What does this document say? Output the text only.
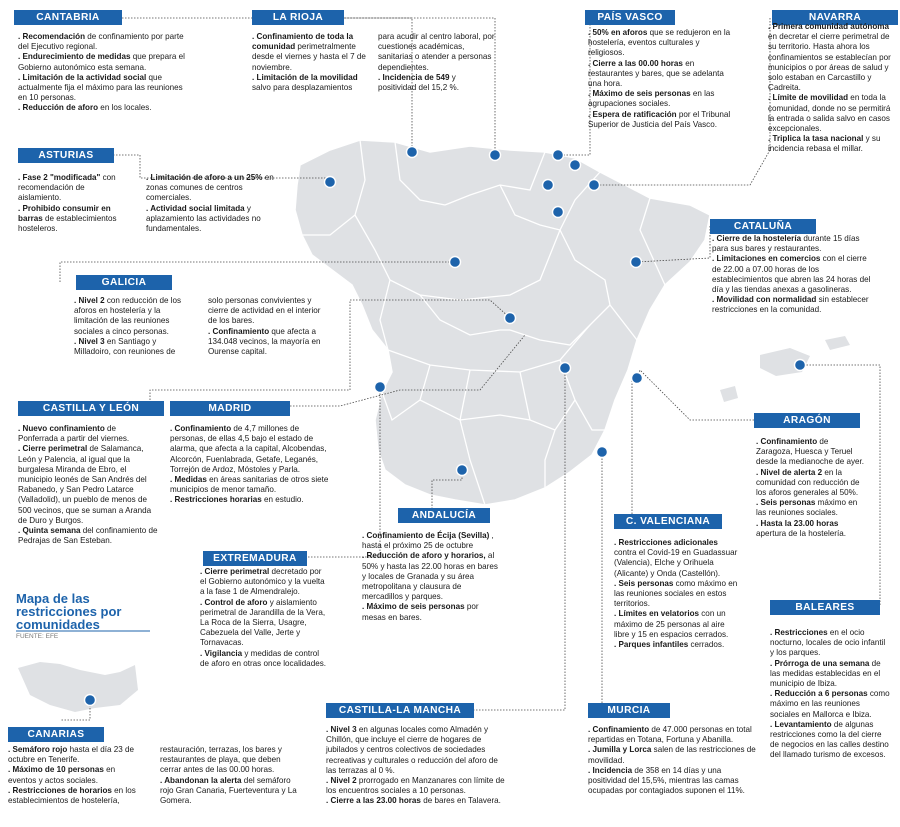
Mapa de las restricciones por comunidades
FUENTE: EFE
CANTABRIA

. Recomendación de confinamiento por parte del Ejecutivo regional.

. Endurecimiento de medidas que prepara el Gobierno autonómico esta semana.

. Limitación de la actividad social que actualmente fija el máximo para las reuniones en 10 personas.

. Reducción de aforo en los locales.

LA RIOJA

. Confinamiento de toda la comunidad perimetralmente desde el viernes y hasta el 7 de noviembre.

. Limitación de la movilidad salvo para desplazamientos

para acudir al centro laboral, por cuestiones académicas, sanitarias o atender a personas dependientes.

. Incidencia de 549 y positividad del 15,2 %.

PAÍS VASCO

. 50% en aforos que se redujeron en la hostelería, eventos culturales y religiosos.

. Cierre a las 00.00 horas en restaurantes y bares, que se adelanta una hora.

. Máximo de seis personas en las agrupaciones sociales.

. Espera de ratificación por el Tribunal Superior de Justicia del País Vasco.

NAVARRA

. Primera comunidad autónoma en decretar el cierre perimetral de su territorio. Hasta ahora los confinamientos se establecían por municipios o por áreas de salud y solo estaban en Carcastillo y Cadreita.

. Límite de movilidad en toda la comunidad, donde no se permitirá la entrada o salida salvo en casos excepcionales.

. Triplica la tasa nacional y su incidencia rebasa el millar.

ASTURIAS

. Fase 2 "modificada" con recomendación de aislamiento.

. Prohibido consumir en barras de establecimientos hosteleros.

. Limitación de aforo a un 25% en zonas comunes de centros comerciales.

. Actividad social limitada y aplazamiento las actividades no fundamentales.

GALICIA

. Nivel 2 con reducción de los aforos en hostelería y la limitación de las reuniones sociales a cinco personas.

. Nivel 3 en Santiago y Milladoiro, con reuniones de

solo personas convivientes y cierre de actividad en el interior de los bares.

. Confinamiento que afecta a 134.048 vecinos, la mayoría en Ourense capital.

CATALUÑA

. Cierre de la hostelería durante 15 días para sus bares y restaurantes.

. Limitaciones en comercios con el cierre de 22.00 a 07.00 horas de los establecimientos que abren las 24 horas del día y las tiendas anexas a gasolineras.

. Movilidad con normalidad sin establecer restricciones en la comunidad.

CASTILLA Y LEÓN

. Nuevo confinamiento de Ponferrada a partir del viernes.

. Cierre perimetral de Salamanca, León y Palencia, al igual que la burgalesa Miranda de Ebro, el municipio leonés de San Andrés del Rabanedo, y San Pedro Latarce (Valladolid), un pueblo de menos de 500 vecinos, que se suman a Aranda de Duro y Burgos.

. Quinta semana del confinamiento de Pedrajas de San Esteban.

MADRID

. Confinamiento de 4,7 millones de personas, de ellas 4,5 bajo el estado de alarma, que afecta a la capital, Alcobendas, Alcorcón, Fuenlabrada, Getafe, Leganés, Torrejón de Ardoz, Móstoles y Parla.

. Medidas en áreas sanitarias de otros siete municipios de menor tamaño.

. Restricciones horarias en estudio.

ARAGÓN

. Confinamiento de Zaragoza, Huesca y Teruel desde la medianoche de ayer.

. Nivel de alerta 2 en la comunidad con reducción de los aforos generales al 50%.

. Seis personas máximo en las reuniones sociales.

. Hasta la 23.00 horas apertura de la hostelería.

ANDALUCÍA

. Confinamiento de Écija (Sevilla) , hasta el próximo 25 de octubre

. Reducción de aforo y horarios, al 50% y hasta las 22.00 horas en bares y locales de Granada y su área metropolitana y clausura de mercadillos y parques.

. Máximo de seis personas por mesas en bares.

EXTREMADURA

. Cierre perimetral decretado por el Gobierno autonómico y la vuelta a la fase 1 de Almendralejo.

. Control de aforo y aislamiento perimetral de Jarandilla de la Vera, La Roca de la Sierra, Usagre, Cabezuela del Valle, Jerte y Tornavacas.

. Vigilancia y medidas de control de aforo en otras once localidades.

C. VALENCIANA

. Restricciones adicionales contra el Covid-19 en Guadassuar (Valencia), Elche y Orihuela (Alicante) y Onda (Castellón).

. Seis personas como máximo en las reuniones sociales en estos territorios.

. Límites en velatorios con un máximo de 25 personas al aire libre y 15 en espacios cerrados.

. Parques infantiles cerrados.

BALEARES

. Restricciones en el ocio nocturno, locales de ocio infantil y los parques.

. Prórroga de una semana de las medidas establecidas en el municipio de Ibiza.

. Reducción a 6 personas como máximo en las reuniones sociales en Mallorca e Ibiza.

. Levantamiento de algunas restricciones como la del cierre de negocios en las calles destino del llamado turismo de excesos.

CANARIAS

. Semáforo rojo hasta el día 23 de octubre en Tenerife.

. Máximo de 10 personas en eventos y actos sociales.

. Restricciones de horarios en los establecimientos de hostelería,

restauración, terrazas, los bares y restaurantes de playa, que deben cerrar antes de las 00.00 horas.

. Abandonan la alerta del semáforo rojo Gran Canaria, Fuerteventura y La Gomera.

CASTILLA-LA MANCHA

. Nivel 3 en algunas locales como Almadén y Chillón, que incluye el cierre de hogares de jubilados y centros colectivos de sociedades recreativas y culturales o reducción del aforo de las terrazas al 0 %.

. Nivel 2 prorrogado en Manzanares con límite de los encuentros sociales a 10 personas.

. Cierre a las 23.00 horas de bares en Talavera.

MURCIA

. Confinamiento de 47.000 personas en total repartidas en Totana, Fortuna y Abanilla.

. Jumilla y Lorca salen de las restricciones de movilidad.

. Incidencia de 358 en 14 días y una positividad del 15,5%, mientras las camas ocupadas por contagiados suponen el 11%.
